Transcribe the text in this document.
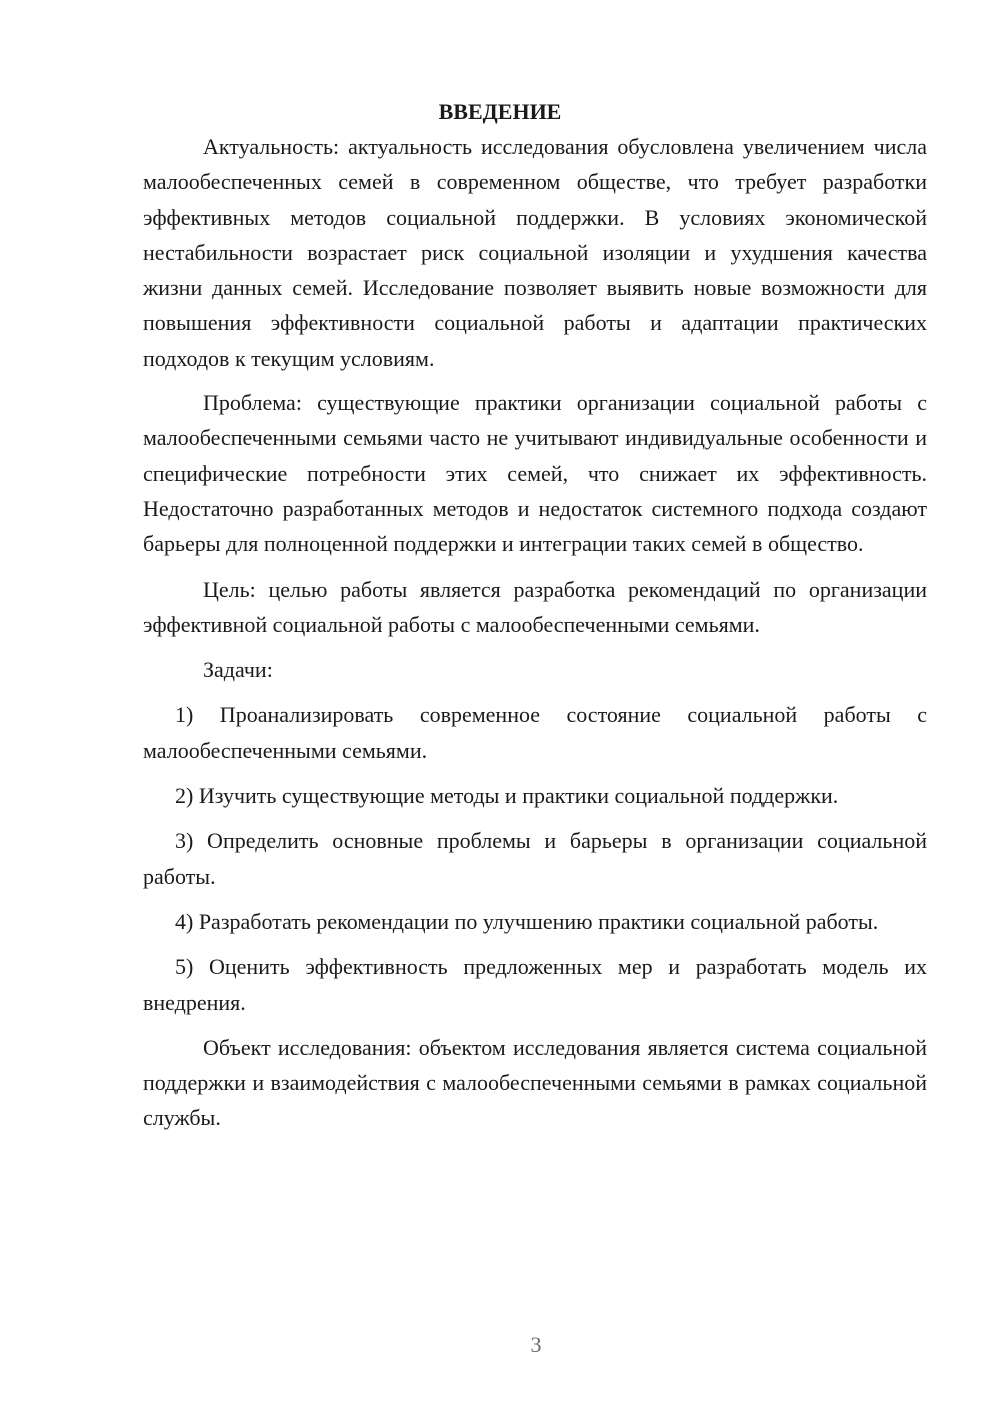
ВВЕДЕНИЕ

Актуальность: актуальность исследования обусловлена увеличением числа малообеспеченных семей в современном обществе, что требует разработки эффективных методов социальной поддержки. В условиях экономической нестабильности возрастает риск социальной изоляции и ухудшения качества жизни данных семей. Исследование позволяет выявить новые возможности для повышения эффективности социальной работы и адаптации практических подходов к текущим условиям.

Проблема: существующие практики организации социальной работы с малообеспеченными семьями часто не учитывают индивидуальные особенности и специфические потребности этих семей, что снижает их эффективность. Недостаточно разработанных методов и недостаток системного подхода создают барьеры для полноценной поддержки и интеграции таких семей в общество.

Цель: целью работы является разработка рекомендаций по организации эффективной социальной работы с малообеспеченными семьями.

Задачи:

1) Проанализировать современное состояние социальной работы с малообеспеченными семьями.

2) Изучить существующие методы и практики социальной поддержки.

3) Определить основные проблемы и барьеры в организации социальной работы.

4) Разработать рекомендации по улучшению практики социальной работы.

5) Оценить эффективность предложенных мер и разработать модель их внедрения.

Объект исследования: объектом исследования является система социальной поддержки и взаимодействия с малообеспеченными семьями в рамках социальной службы.

3
